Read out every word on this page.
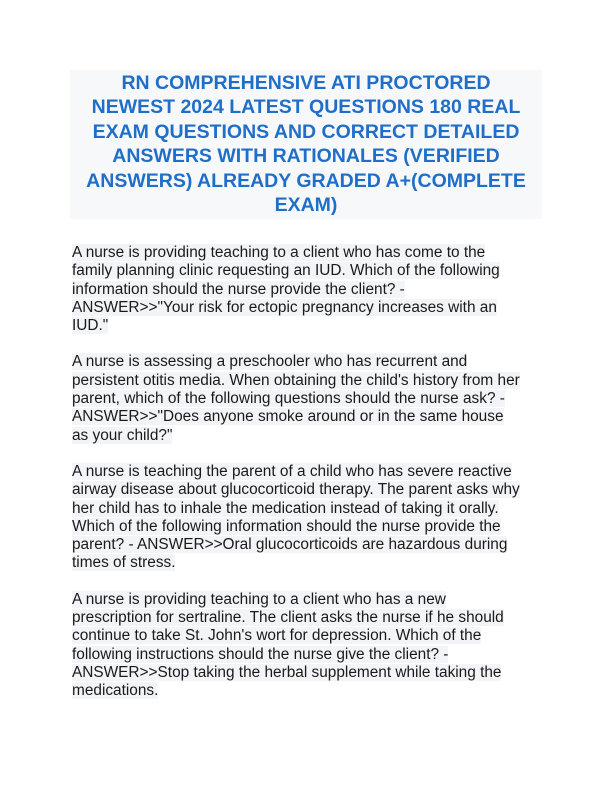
RN COMPREHENSIVE ATI PROCTORED
NEWEST 2024 LATEST QUESTIONS 180 REAL
EXAM QUESTIONS AND CORRECT DETAILED
ANSWERS WITH RATIONALES (VERIFIED
ANSWERS) ALREADY GRADED A+(COMPLETE
EXAM)
A nurse is providing teaching to a client who has come to the
family planning clinic requesting an IUD. Which of the following
information should the nurse provide the client? -
ANSWER>>"Your risk for ectopic pregnancy increases with an
IUD."
A nurse is assessing a preschooler who has recurrent and
persistent otitis media. When obtaining the child's history from her
parent, which of the following questions should the nurse ask? -
ANSWER>>"Does anyone smoke around or in the same house
as your child?"
A nurse is teaching the parent of a child who has severe reactive
airway disease about glucocorticoid therapy. The parent asks why
her child has to inhale the medication instead of taking it orally.
Which of the following information should the nurse provide the
parent? - ANSWER>>Oral glucocorticoids are hazardous during
times of stress.
A nurse is providing teaching to a client who has a new
prescription for sertraline. The client asks the nurse if he should
continue to take St. John's wort for depression. Which of the
following instructions should the nurse give the client? -
ANSWER>>Stop taking the herbal supplement while taking the
medications.
